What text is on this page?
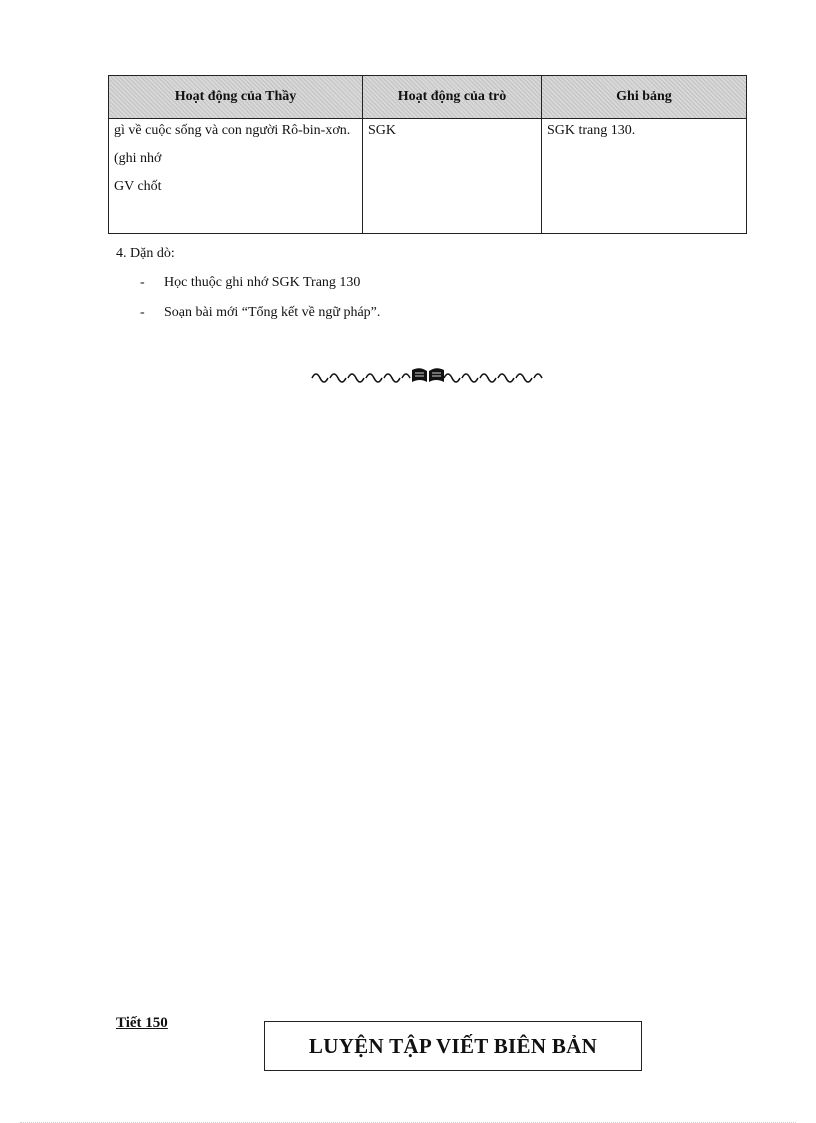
Hoạt động của Thầy	Hoạt động của trò	Ghi bảng

gì về cuộc sống và con người Rô-bin-xơn.

(ghi nhớ

GV chốt	SGK	SGK trang 130.
4. Dặn dò:
-	Học thuộc ghi nhớ SGK Trang 130
-	Soạn bài mới “Tổng kết về ngữ pháp”.
Tiết 150
LUYỆN TẬP VIẾT BIÊN BẢN
